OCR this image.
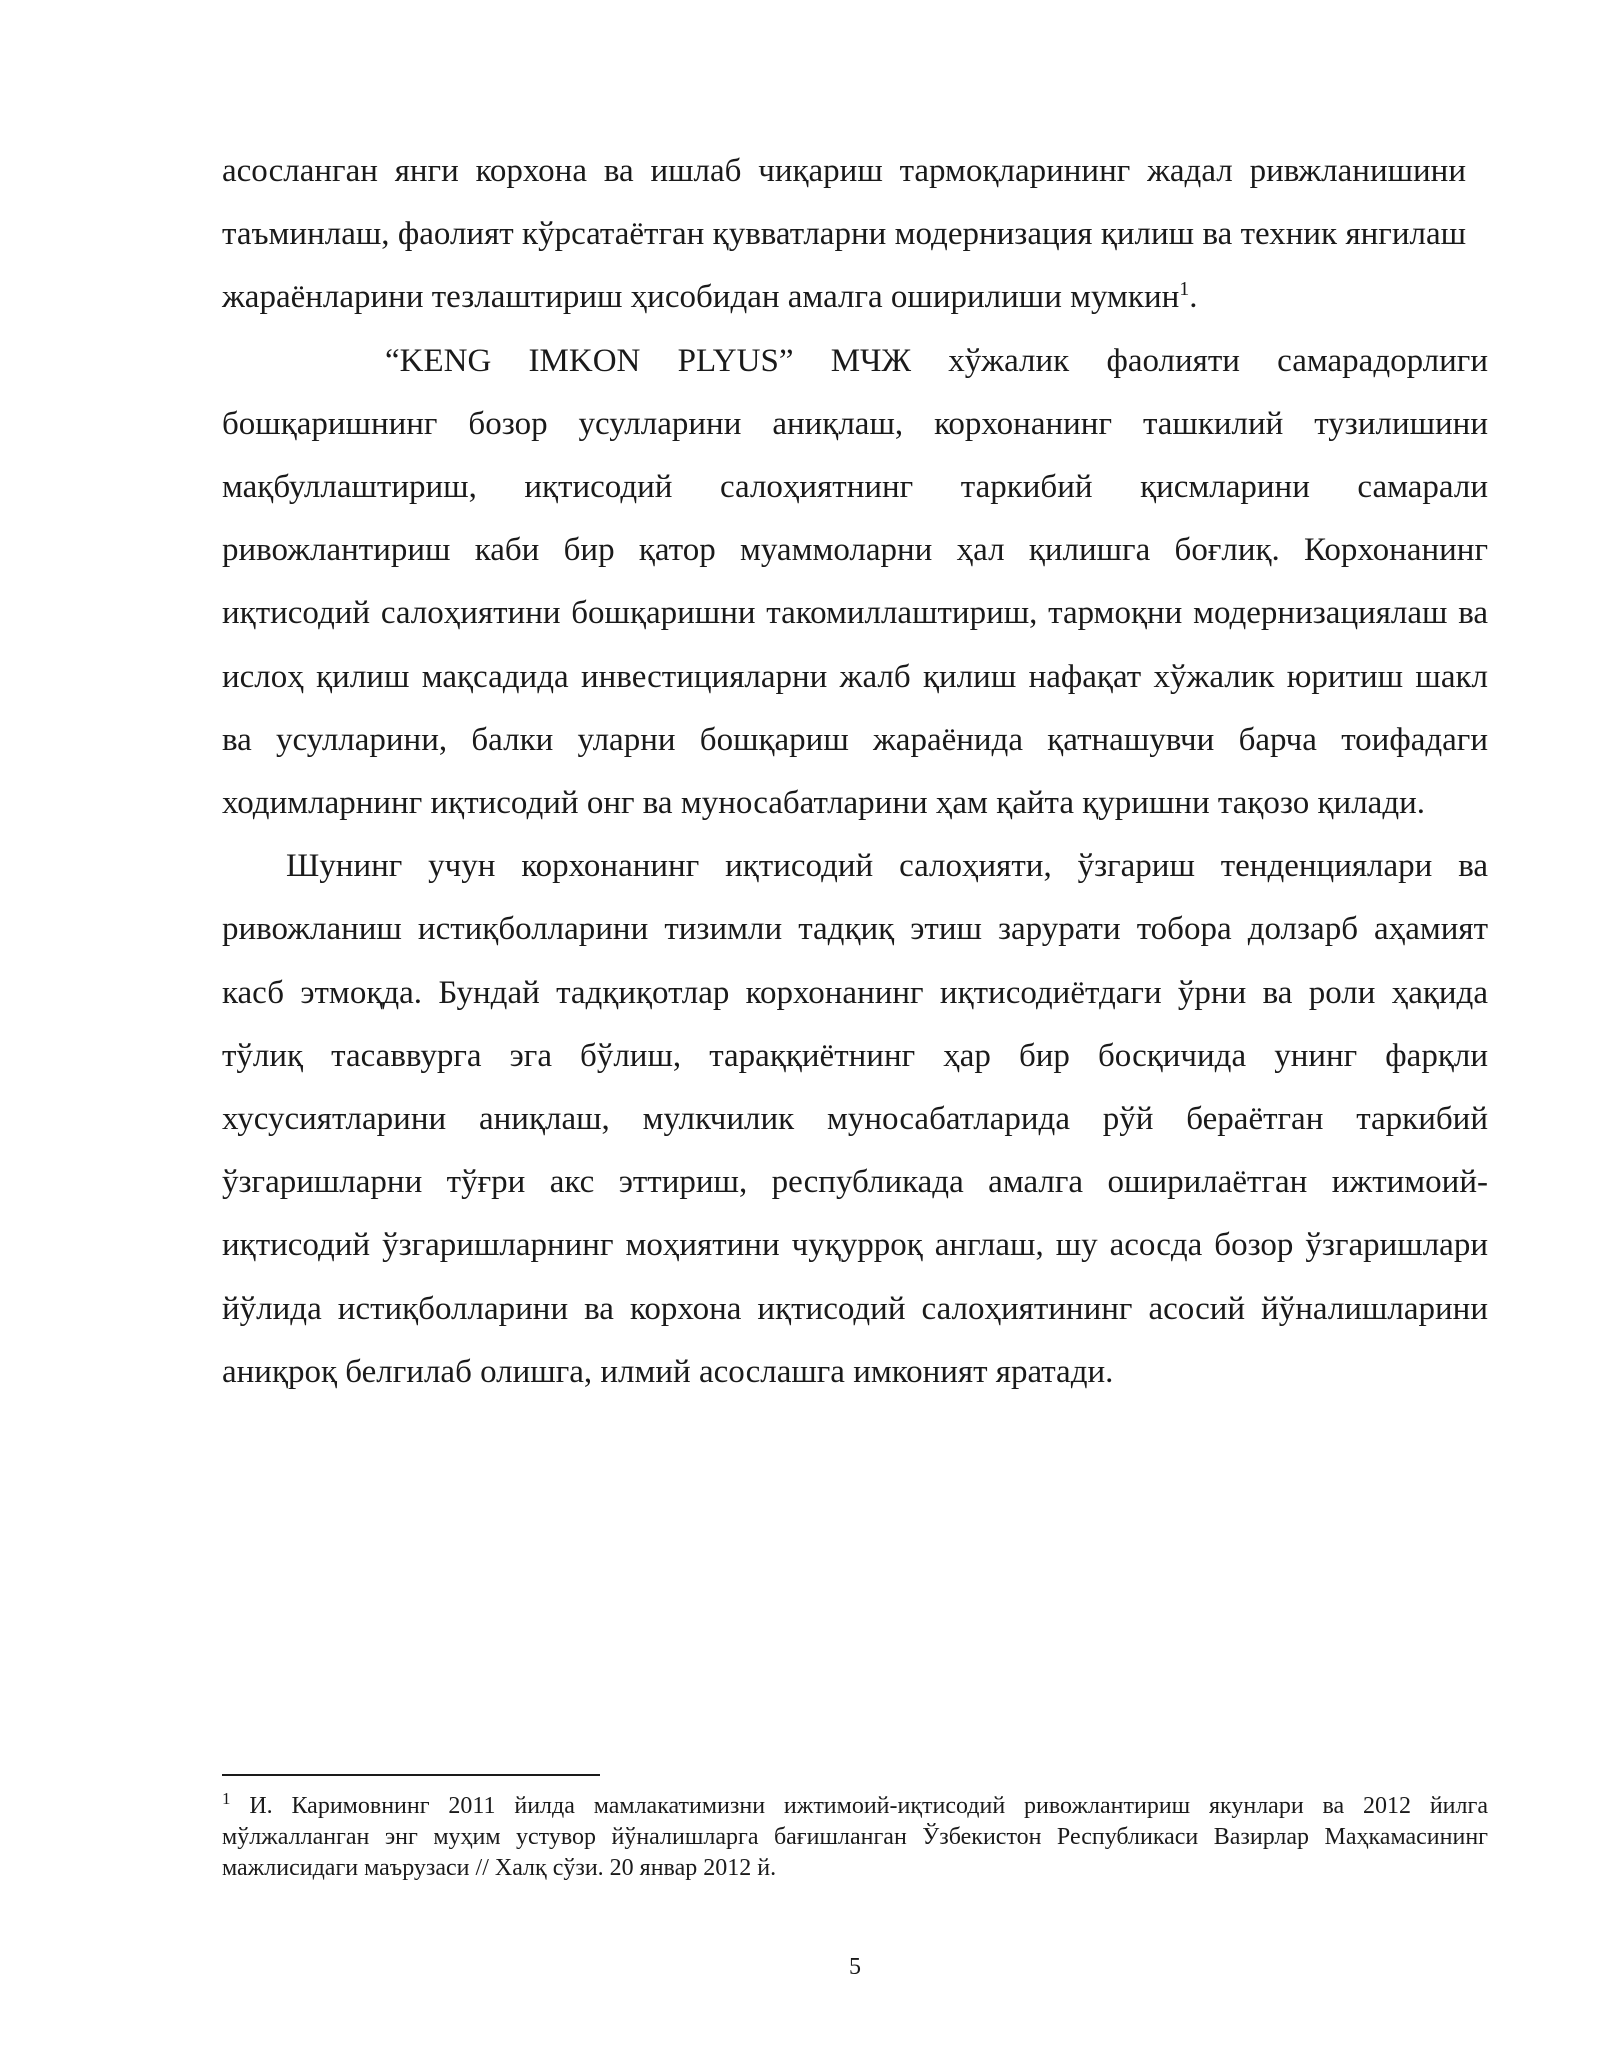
асосланган янги корхона ва ишлаб чиқариш тармоқларининг жадал ривжланишини таъминлаш, фаолият кўрсатаётган қувватларни модернизация қилиш ва техник янгилаш жараёнларини тезлаштириш ҳисобидан амалга оширилиши мумкин$^1$.

“KENG IMKON PLYUS” МЧЖ хўжалик фаолияти самарадорлиги бошқаришнинг бозор усулларини аниқлаш, корхонанинг ташкилий тузилишини мақбуллаштириш, иқтисодий салоҳиятнинг таркибий қисмларини самарали ривожлантириш каби бир қатор муаммоларни ҳал қилишга боғлиқ. Корхонанинг иқтисодий салоҳиятини бошқаришни такомиллаштириш, тармоқни модернизациялаш ва ислоҳ қилиш мақсадида инвестицияларни жалб қилиш нафақат хўжалик юритиш шакл ва усулларини, балки уларни бошқариш жараёнида қатнашувчи барча тоифадаги ходимларнинг иқтисодий онг ва муносабатларини ҳам қайта қуришни тақозо қилади.

Шунинг учун корхонанинг иқтисодий салоҳияти, ўзгариш тенденциялари ва ривожланиш истиқболларини тизимли тадқиқ этиш зарурати тобора долзарб аҳамият касб этмоқда. Бундай тадқиқотлар корхонанинг иқтисодиётдаги ўрни ва роли ҳақида тўлиқ тасаввурга эга бўлиш, тараққиётнинг ҳар бир босқичида унинг фарқли хусусиятларини аниқлаш, мулкчилик муносабатларида рўй бераётган таркибий ўзгаришларни тўғри акс эттириш, республикада амалга оширилаётган ижтимоий-иқтисодий ўзгаришларнинг моҳиятини чуқурроқ англаш, шу асосда бозор ўзгаришлари йўлида истиқболларини ва корхона иқтисодий салоҳиятининг асосий йўналишларини аниқроқ белгилаб олишга, илмий асослашга имконият яратади.

$^1$ И. Каримовнинг 2011 йилда мамлакатимизни ижтимоий-иқтисодий ривожлантириш якунлари ва 2012 йилга мўлжалланган энг муҳим устувор йўналишларга бағишланган Ўзбекистон Республикаси Вазирлар Маҳкамасининг мажлисидаги маърузаси // Халқ сўзи. 20 январ 2012 й.

5
